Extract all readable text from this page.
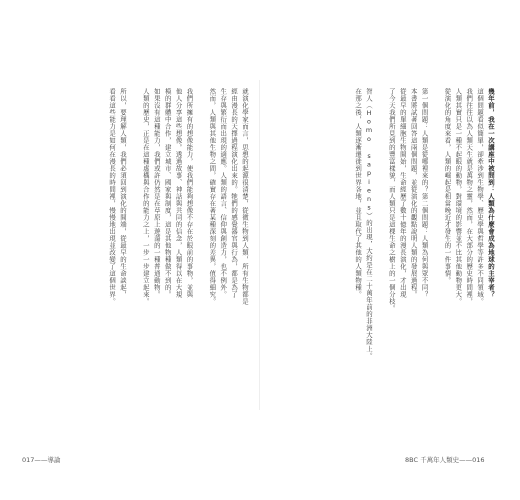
就演化學家而言，思想的起源很清楚，從微生物到人類，所有生物都是
經由漫長的天擇過程演化出來的。牠們的感覺器官與行為，都是為了
生存與繁衍而出現的適應。人類的語言、信仰與創造力，也不例外。
然而，人類與其他生物之間，確實存在著某種深刻的差異，值得細究。
我們所擁有的想像能力，使我們能夠想像不存在於眼前的事物，並與
他人分享這些想像。透過故事、神話與共同的信念，人類得以在大規
模的群體中合作，建立城市、國家與制度，這是其他物種做不到的。
如果沒有這種能力，我們或許仍然是在草原上遊蕩的一種普通動物。
人類的歷史，正是在這種虛構與合作的能力之上，一步一步建立起來。
所以，要理解人類，我們必須回到演化的開端，從最早的生命談起，
看看這些能力是如何在漫長的時間裡，慢慢地出現並改變了這個世界。	幾年前，我在一次講座中被問到：人類為什麼會成為地球的主宰者？
這個問題看似簡單，卻牽涉到生物學、歷史學與哲學等許多不同領域。
我們往往以為人類天生就是萬物之靈，然而，在大部分的歷史時間裡，
人類其實只是一種不起眼的動物，對環境的影響並不比其他動物更大。
從演化的角度來看，人類的崛起是相當晚近才發生的一件事情。
第一個問題：人類是從哪裡來的？第二個問題：人類為何與眾不同？
本書將試著回答這兩個問題，並從演化的觀點說明人類的發展過程。
從最早的單細胞生物開始，生命經歷了數十億年的漫長演化，才出現
了今天我們所見到的豐富樣貌，而人類只是這棵生命之樹上的一個分枝。
智人（Homo sapiens）的出現，大約是在二十萬年前的非洲大陸上。
在那之後，人類逐漸遷徙到世界各地，並且取代了其他的人類物種。
017——導論	8BC 千萬年人類史——016
